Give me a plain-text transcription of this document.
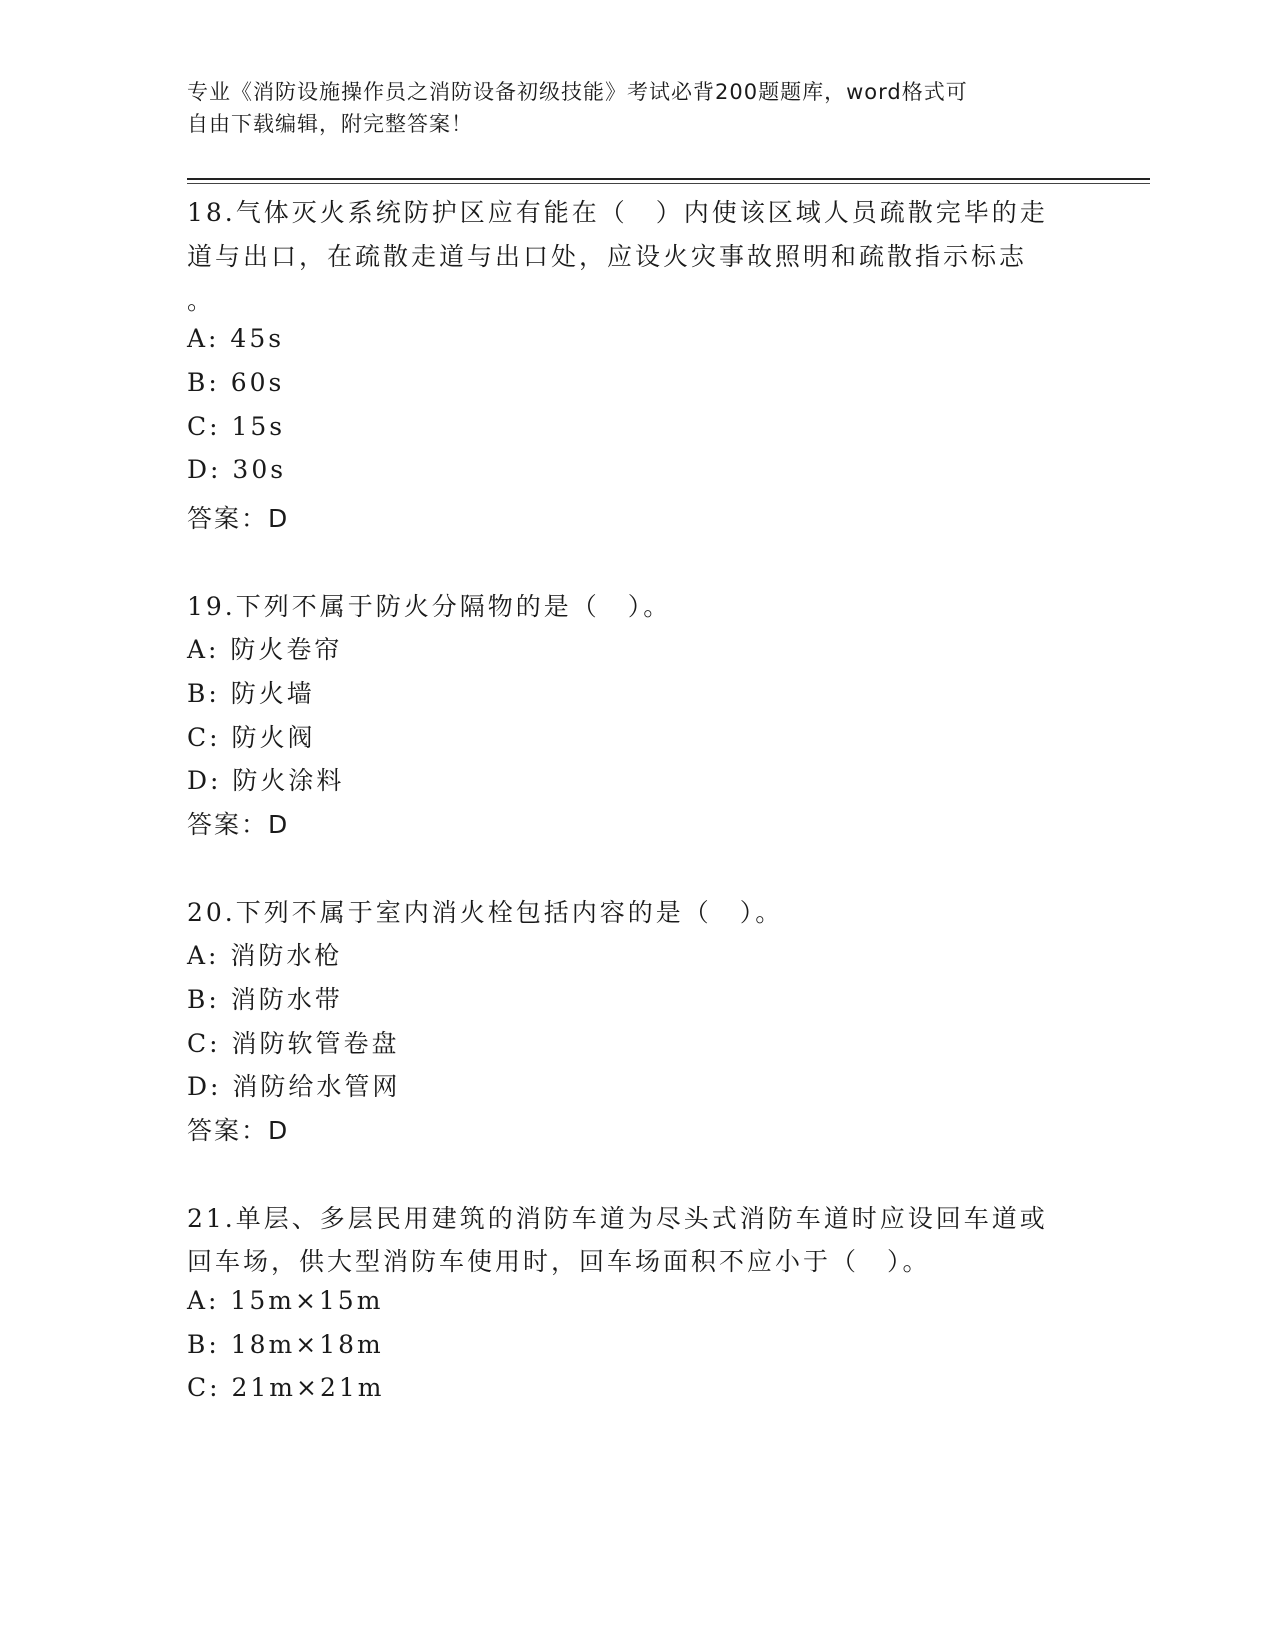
专业《消防设施操作员之消防设备初级技能》考试必背200题题库，word格式可
自由下载编辑，附完整答案！
18.气体灭火系统防护区应有能在（　）内使该区域人员疏散完毕的走
道与出口，在疏散走道与出口处，应设火灾事故照明和疏散指示标志
。
A: 45s
B: 60s
C: 15s
D: 30s
答案：D
19.下列不属于防火分隔物的是（　）。
A: 防火卷帘
B: 防火墙
C: 防火阀
D: 防火涂料
答案：D
20.下列不属于室内消火栓包括内容的是（　）。
A: 消防水枪
B: 消防水带
C: 消防软管卷盘
D: 消防给水管网
答案：D
21.单层、多层民用建筑的消防车道为尽头式消防车道时应设回车道或
回车场，供大型消防车使用时，回车场面积不应小于（　）。
A: 15m×15m
B: 18m×18m
C: 21m×21m
